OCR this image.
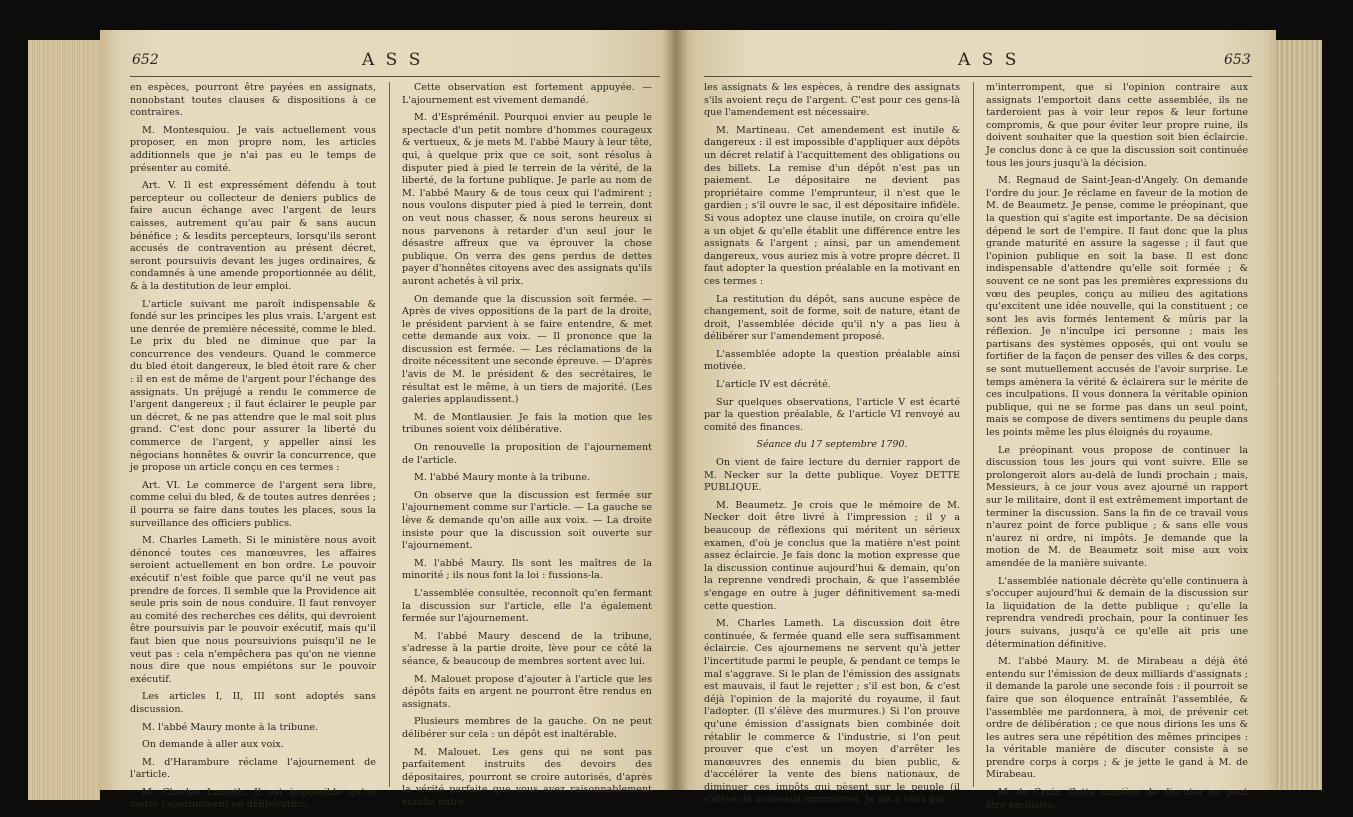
652	A S S

en espèces, pourront être payées en assignats, nonobstant toutes clauses & dispositions à ce contraires.

M. Montesquiou. Je vais actuellement vous proposer, en mon propre nom, les articles additionnels que je n'ai pas eu le temps de présenter au comité.

Art. V. Il est expressément défendu à tout percepteur ou collecteur de deniers publics de faire aucun échange avec l'argent de leurs caisses, autrement qu'au pair & sans aucun bénéfice ; & lesdits percepteurs, lorsqu'ils seront accusés de contravention au présent décret, seront poursuivis devant les juges ordinaires, & condamnés à une amende proportionnée au délit, & à la destitution de leur emploi.

L'article suivant me paroît indispensable & fondé sur les principes les plus vrais. L'argent est une denrée de première nécessité, comme le bled. Le prix du bled ne diminue que par la concurrence des vendeurs. Quand le commerce du bled étoit dangereux, le bled étoit rare & cher : il en est de même de l'argent pour l'échange des assignats. Un préjugé a rendu le commerce de l'argent dangereux ; il faut éclairer le peuple par un décret, & ne pas attendre que le mal soit plus grand. C'est donc pour assurer la liberté du commerce de l'argent, y appeller ainsi les négocians honnêtes & ouvrir la concurrence, que je propose un article conçu en ces termes :

Art. VI. Le commerce de l'argent sera libre, comme celui du bled, & de toutes autres denrées ; il pourra se faire dans toutes les places, sous la surveillance des officiers publics.

M. Charles Lameth. Si le ministère nous avoit dénoncé toutes ces manœuvres, les affaires seroient actuellement en bon ordre. Le pouvoir exécutif n'est foible que parce qu'il ne veut pas prendre de forces. Il semble que la Providence ait seule pris soin de nous conduire. Il faut renvoyer au comité des recherches ces délits, qui devroient être poursuivis par le pouvoir exécutif, mais qu'il faut bien que nous poursuivions puisqu'il ne le veut pas : cela n'empêchera pas qu'on ne vienne nous dire que nous empiétons sur le pouvoir exécutif.

Les articles I, II, III sont adoptés sans discussion.

M. l'abbé Maury monte à la tribune.

On demande à aller aux voix.

M. d'Harambure réclame l'ajournement de l'article.

M. Charles Lameth. Il est impossible qu'on mette l'ajournement en délibération,

Cette observation est fortement appuyée. — L'ajournement est vivement demandé.

M. d'Espréménil. Pourquoi envier au peuple le spectacle d'un petit nombre d'hommes courageux & vertueux, & je mets M. l'abbé Maury à leur tête, qui, à quelque prix que ce soit, sont résolus à disputer pied à pied le terrein de la vérité, de la liberté, de la fortune publique. Je parle au nom de M. l'abbé Maury & de tous ceux qui l'admirent ; nous voulons disputer pied à pied le terrein, dont on veut nous chasser, & nous serons heureux si nous parvenons à retarder d'un seul jour le désastre affreux que va éprouver la chose publique. On verra des gens perdus de dettes payer d'honnêtes citoyens avec des assignats qu'ils auront achetés à vil prix.

On demande que la discussion soit fermée. — Après de vives oppositions de la part de la droite, le président parvient à se faire entendre, & met cette demande aux voix. — Il prononce que la discussion est fermée. — Les réclamations de la droite nécessitent une seconde épreuve. — D'après l'avis de M. le président & des secrétaires, le résultat est le même, à un tiers de majorité. (Les galeries applaudissent.)

M. de Montlausier. Je fais la motion que les tribunes soient voix délibérative.

On renouvelle la proposition de l'ajournement de l'article.

M. l'abbé Maury monte à la tribune.

On observe que la discussion est fermée sur l'ajournement comme sur l'article. — La gauche se lève & demande qu'on aille aux voix. — La droite insiste pour que la discussion soit ouverte sur l'ajournement.

M. l'abbé Maury. Ils sont les maîtres de la minorité ; ils nous font la loi : fussions-la.

L'assemblée consultée, reconnoît qu'en fermant la discussion sur l'article, elle l'a également fermée sur l'ajournement.

M. l'abbé Maury descend de la tribune, s'adresse à la partie droite, lève pour ce côté la séance, & beaucoup de membres sortent avec lui.

M. Malouet propose d'ajouter à l'article que les dépôts faits en argent ne pourront être rendus en assignats.

Plusieurs membres de la gauche. On ne peut délibérer sur cela : un dépôt est inaltérable.

M. Malouet. Les gens qui ne sont pas parfaitement instruits des devoirs des dépositaires, pourront se croire autorisés, d'après la vérité parfaite que vous avez raisonnablement établie entre

A S S	653

les assignats & les espèces, à rendre des assignats s'ils avoient reçu de l'argent. C'est pour ces gens-là que l'amendement est nécessaire.

M. Martineau. Cet amendement est inutile & dangereux : il est impossible d'appliquer aux dépôts un décret relatif à l'acquittement des obligations ou des billets. La remise d'un dépôt n'est pas un paiement. Le dépositaire ne devient pas propriétaire comme l'emprunteur, il n'est que le gardien ; s'il ouvre le sac, il est dépositaire infidèle. Si vous adoptez une clause inutile, on croira qu'elle a un objet & qu'elle établit une différence entre les assignats & l'argent ; ainsi, par un amendement dangereux, vous auriez mis à votre propre décret. Il faut adopter la question préalable en la motivant en ces termes :

La restitution du dépôt, sans aucune espèce de changement, soit de forme, soit de nature, étant de droit, l'assemblée décide qu'il n'y a pas lieu à délibérer sur l'amendement proposé.

L'assemblée adopte la question préalable ainsi motivée.

L'article IV est décrété.

Sur quelques observations, l'article V est écarté par la question préalable, & l'article VI renvoyé au comité des finances.

Séance du 17 septembre 1790.

On vient de faire lecture du dernier rapport de M. Necker sur la dette publique. Voyez DETTE PUBLIQUE.

M. Beaumetz. Je crois que le mémoire de M. Necker doit être livré à l'impression ; il y a beaucoup de réflexions qui méritent un sérieux examen, d'où je conclus que la matière n'est point assez éclaircie. Je fais donc la motion expresse que la discussion continue aujourd'hui & demain, qu'on la reprenne vendredi prochain, & que l'assemblée s'engage en outre à juger définitivement sa-medi cette question.

M. Charles Lameth. La discussion doit être continuée, & fermée quand elle sera suffisamment éclaircie. Ces ajournemens ne servent qu'à jetter l'incertitude parmi le peuple, & pendant ce temps le mal s'aggrave. Si le plan de l'émission des assignats est mauvais, il faut le rejetter ; s'il est bon, & c'est déjà l'opinion de la majorité du royaume, il faut l'adopter. (Il s'élève des murmures.) Si l'on prouve qu'une émission d'assignats bien combinée doit rétablir le commerce & l'industrie, si l'on peut prouver que c'est un moyen d'arrêter les manœuvres des ennemis du bien public, & d'accélérer la vente des biens nationaux, de diminuer ces impôts qui pèsent sur le peuple (il s'élève de nouveaux murmures). Je dis à ceux qui

m'interrompent, que si l'opinion contraire aux assignats l'emportoit dans cette assemblée, ils ne tarderoient pas à voir leur repos & leur fortune compromis, & que pour éviter leur propre ruine, ils doivent souhaiter que la question soit bien éclaircie. Je conclus donc à ce que la discussion soit continuée tous les jours jusqu'à la décision.

M. Regnaud de Saint-Jean-d'Angely. On demande l'ordre du jour. Je réclame en faveur de la motion de M. de Beaumetz. Je pense, comme le préopinant, que la question qui s'agite est importante. De sa décision dépend le sort de l'empire. Il faut donc que la plus grande maturité en assure la sagesse ; il faut que l'opinion publique en soit la base. Il est donc indispensable d'attendre qu'elle soit formée ; & souvent ce ne sont pas les premières expressions du vœu des peuples, conçu au milieu des agitations qu'excitent une idée nouvelle, qui la constituent ; ce sont les avis formés lentement & mûris par la réflexion. Je n'inculpe ici personne ; mais les partisans des systèmes opposés, qui ont voulu se fortifier de la façon de penser des villes & des corps, se sont mutuellement accusés de l'avoir surprise. Le temps amènera la vérité & éclairera sur le mérite de ces inculpations. Il vous donnera la véritable opinion publique, qui ne se forme pas dans un seul point, mais se compose de divers sentimens du peuple dans les points même les plus éloignés du royaume.

Le préopinant vous propose de continuer la discussion tous les jours qui vont suivre. Elle se prolongeroit alors au-delà de lundi prochain ; mais, Messieurs, à ce jour vous avez ajourné un rapport sur le militaire, dont il est extrêmement important de terminer la discussion. Sans la fin de ce travail vous n'aurez point de force publique ; & sans elle vous n'aurez ni ordre, ni impôts. Je demande que la motion de M. de Beaumetz soit mise aux voix amendée de la manière suivante.

L'assemblée nationale décrète qu'elle continuera à s'occuper aujourd'hui & demain de la discussion sur la liquidation de la dette publique ; qu'elle la reprendra vendredi prochain, pour la continuer les jours suivans, jusqu'à ce qu'elle ait pris une détermination définitive.

M. l'abbé Maury. M. de Mirabeau a déjà été entendu sur l'émission de deux milliards d'assignats ; il demande la parole une seconde fois : il pourroit se faire que son éloquence entraînât l'assemblée, & l'assemblée me pardonnera, à moi, de prévenir cet ordre de délibération ; ce que nous dirions les uns & les autres sera une répétition des mêmes principes : la véritable manière de discuter consiste à se prendre corps à corps ; & je jette le gand à M. de Mirabeau.

M. de Croix. Cette manière de discuter ne peut être exclusive,
